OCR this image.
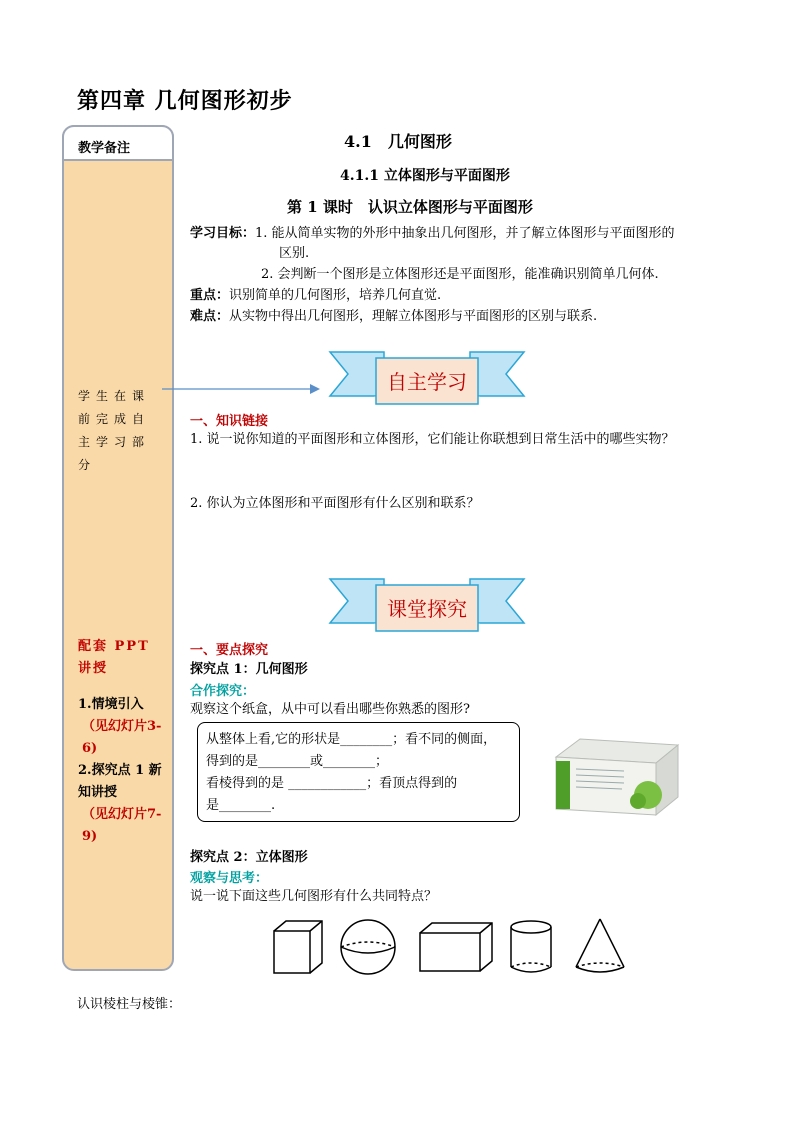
第四章 几何图形初步
教学备注
学生在课前完成自主学习部分
配套 PPT 讲授
1.情境引入
（见幻灯片3-6)
2.探究点 1 新知讲授
（见幻灯片7-9)
4.1　几何图形
4.1.1 立体图形与平面图形
第 1 课时　认识立体图形与平面图形
学习目标：1. 能从简单实物的外形中抽象出几何图形，并了解立体图形与平面图形的
区别.
2. 会判断一个图形是立体图形还是平面图形，能准确识别简单几何体.
重点：识别简单的几何图形，培养几何直觉.
难点：从实物中得出几何图形，理解立体图形与平面图形的区别与联系.
自主学习
一、知识链接
1. 说一说你知道的平面图形和立体图形，它们能让你联想到日常生活中的哪些实物？
2. 你认为立体图形和平面图形有什么区别和联系？
课堂探究
一、要点探究
探究点 1：几何图形
合作探究：
观察这个纸盒，从中可以看出哪些你熟悉的图形?
从整体上看,它的形状是________；看不同的侧面，
得到的是________或________；
看棱得到的是 ____________；看顶点得到的
是________.
探究点 2：立体图形
观察与思考：
说一说下面这些几何图形有什么共同特点？
认识棱柱与棱锥：
